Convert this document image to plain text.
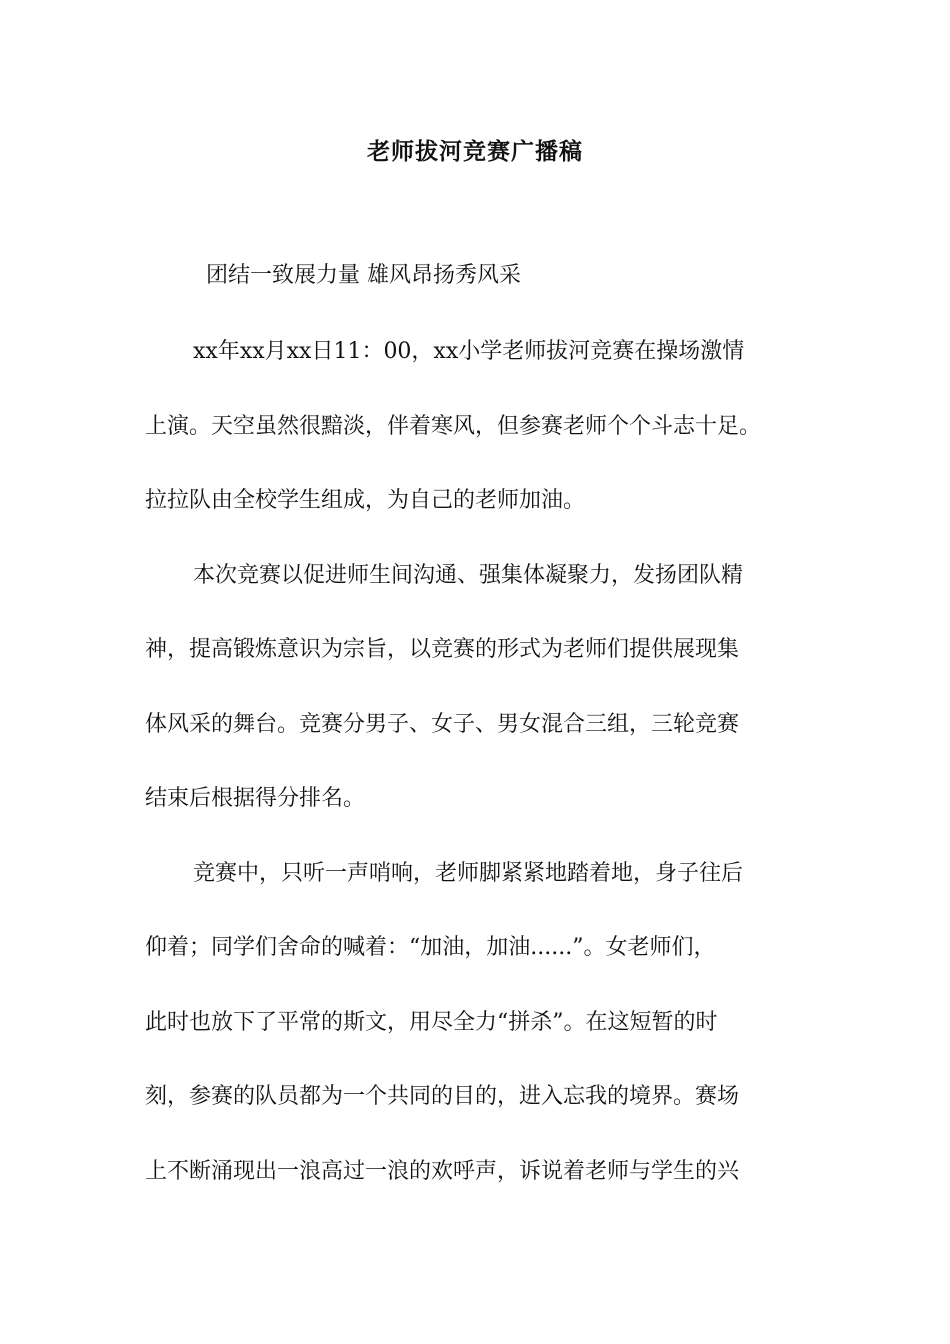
老师拔河竞赛广播稿
团结一致展力量 雄风昂扬秀风采
xx年xx月xx日11：00，xx小学老师拔河竞赛在操场激情
上演。天空虽然很黯淡，伴着寒风，但参赛老师个个斗志十足。
拉拉队由全校学生组成，为自己的老师加油。
本次竞赛以促进师生间沟通、强集体凝聚力，发扬团队精
神，提高锻炼意识为宗旨，以竞赛的形式为老师们提供展现集
体风采的舞台。竞赛分男子、女子、男女混合三组，三轮竞赛
结束后根据得分排名。
竞赛中，只听一声哨响，老师脚紧紧地踏着地，身子往后
仰着；同学们舍命的喊着：“加油，加油......”。女老师们，
此时也放下了平常的斯文，用尽全力“拼杀”。在这短暂的时
刻，参赛的队员都为一个共同的目的，进入忘我的境界。赛场
上不断涌现出一浪高过一浪的欢呼声，诉说着老师与学生的兴
